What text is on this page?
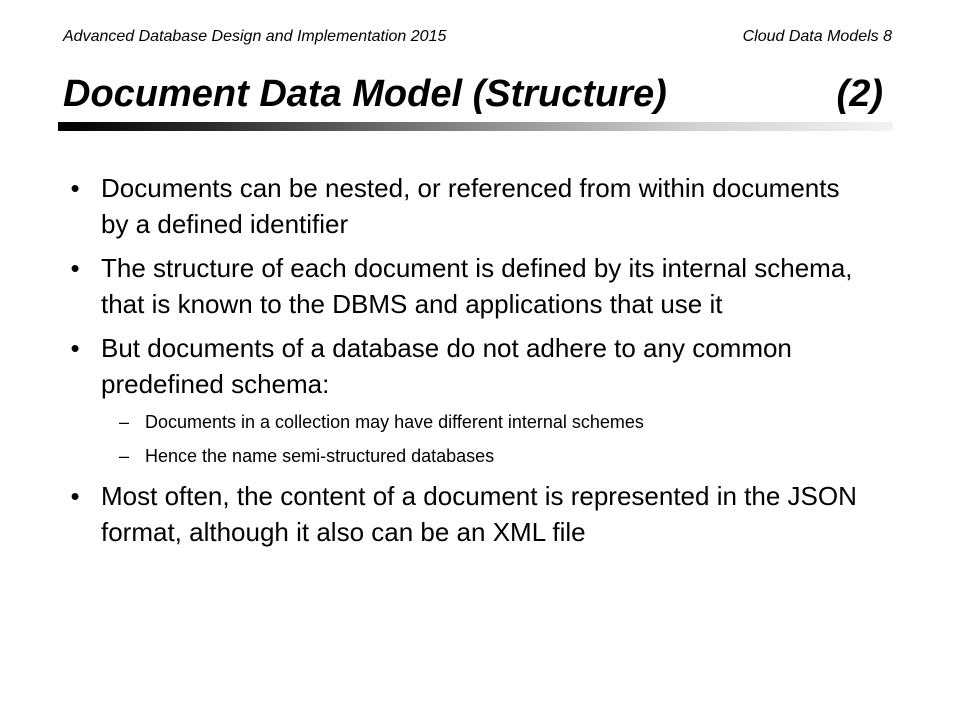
Advanced Database Design and Implementation 2015	Cloud Data Models 8
Document Data Model (Structure)	(2)
• Documents can be nested, or referenced from within documents by a defined identifier
• The structure of each document is defined by its internal schema, that is known to the DBMS and applications that use it
• But documents of a database do not adhere to any common predefined schema:
– Documents in a collection may have different internal schemes
– Hence the name semi-structured databases
• Most often, the content of a document is represented in the JSON format, although it also can be an XML file
